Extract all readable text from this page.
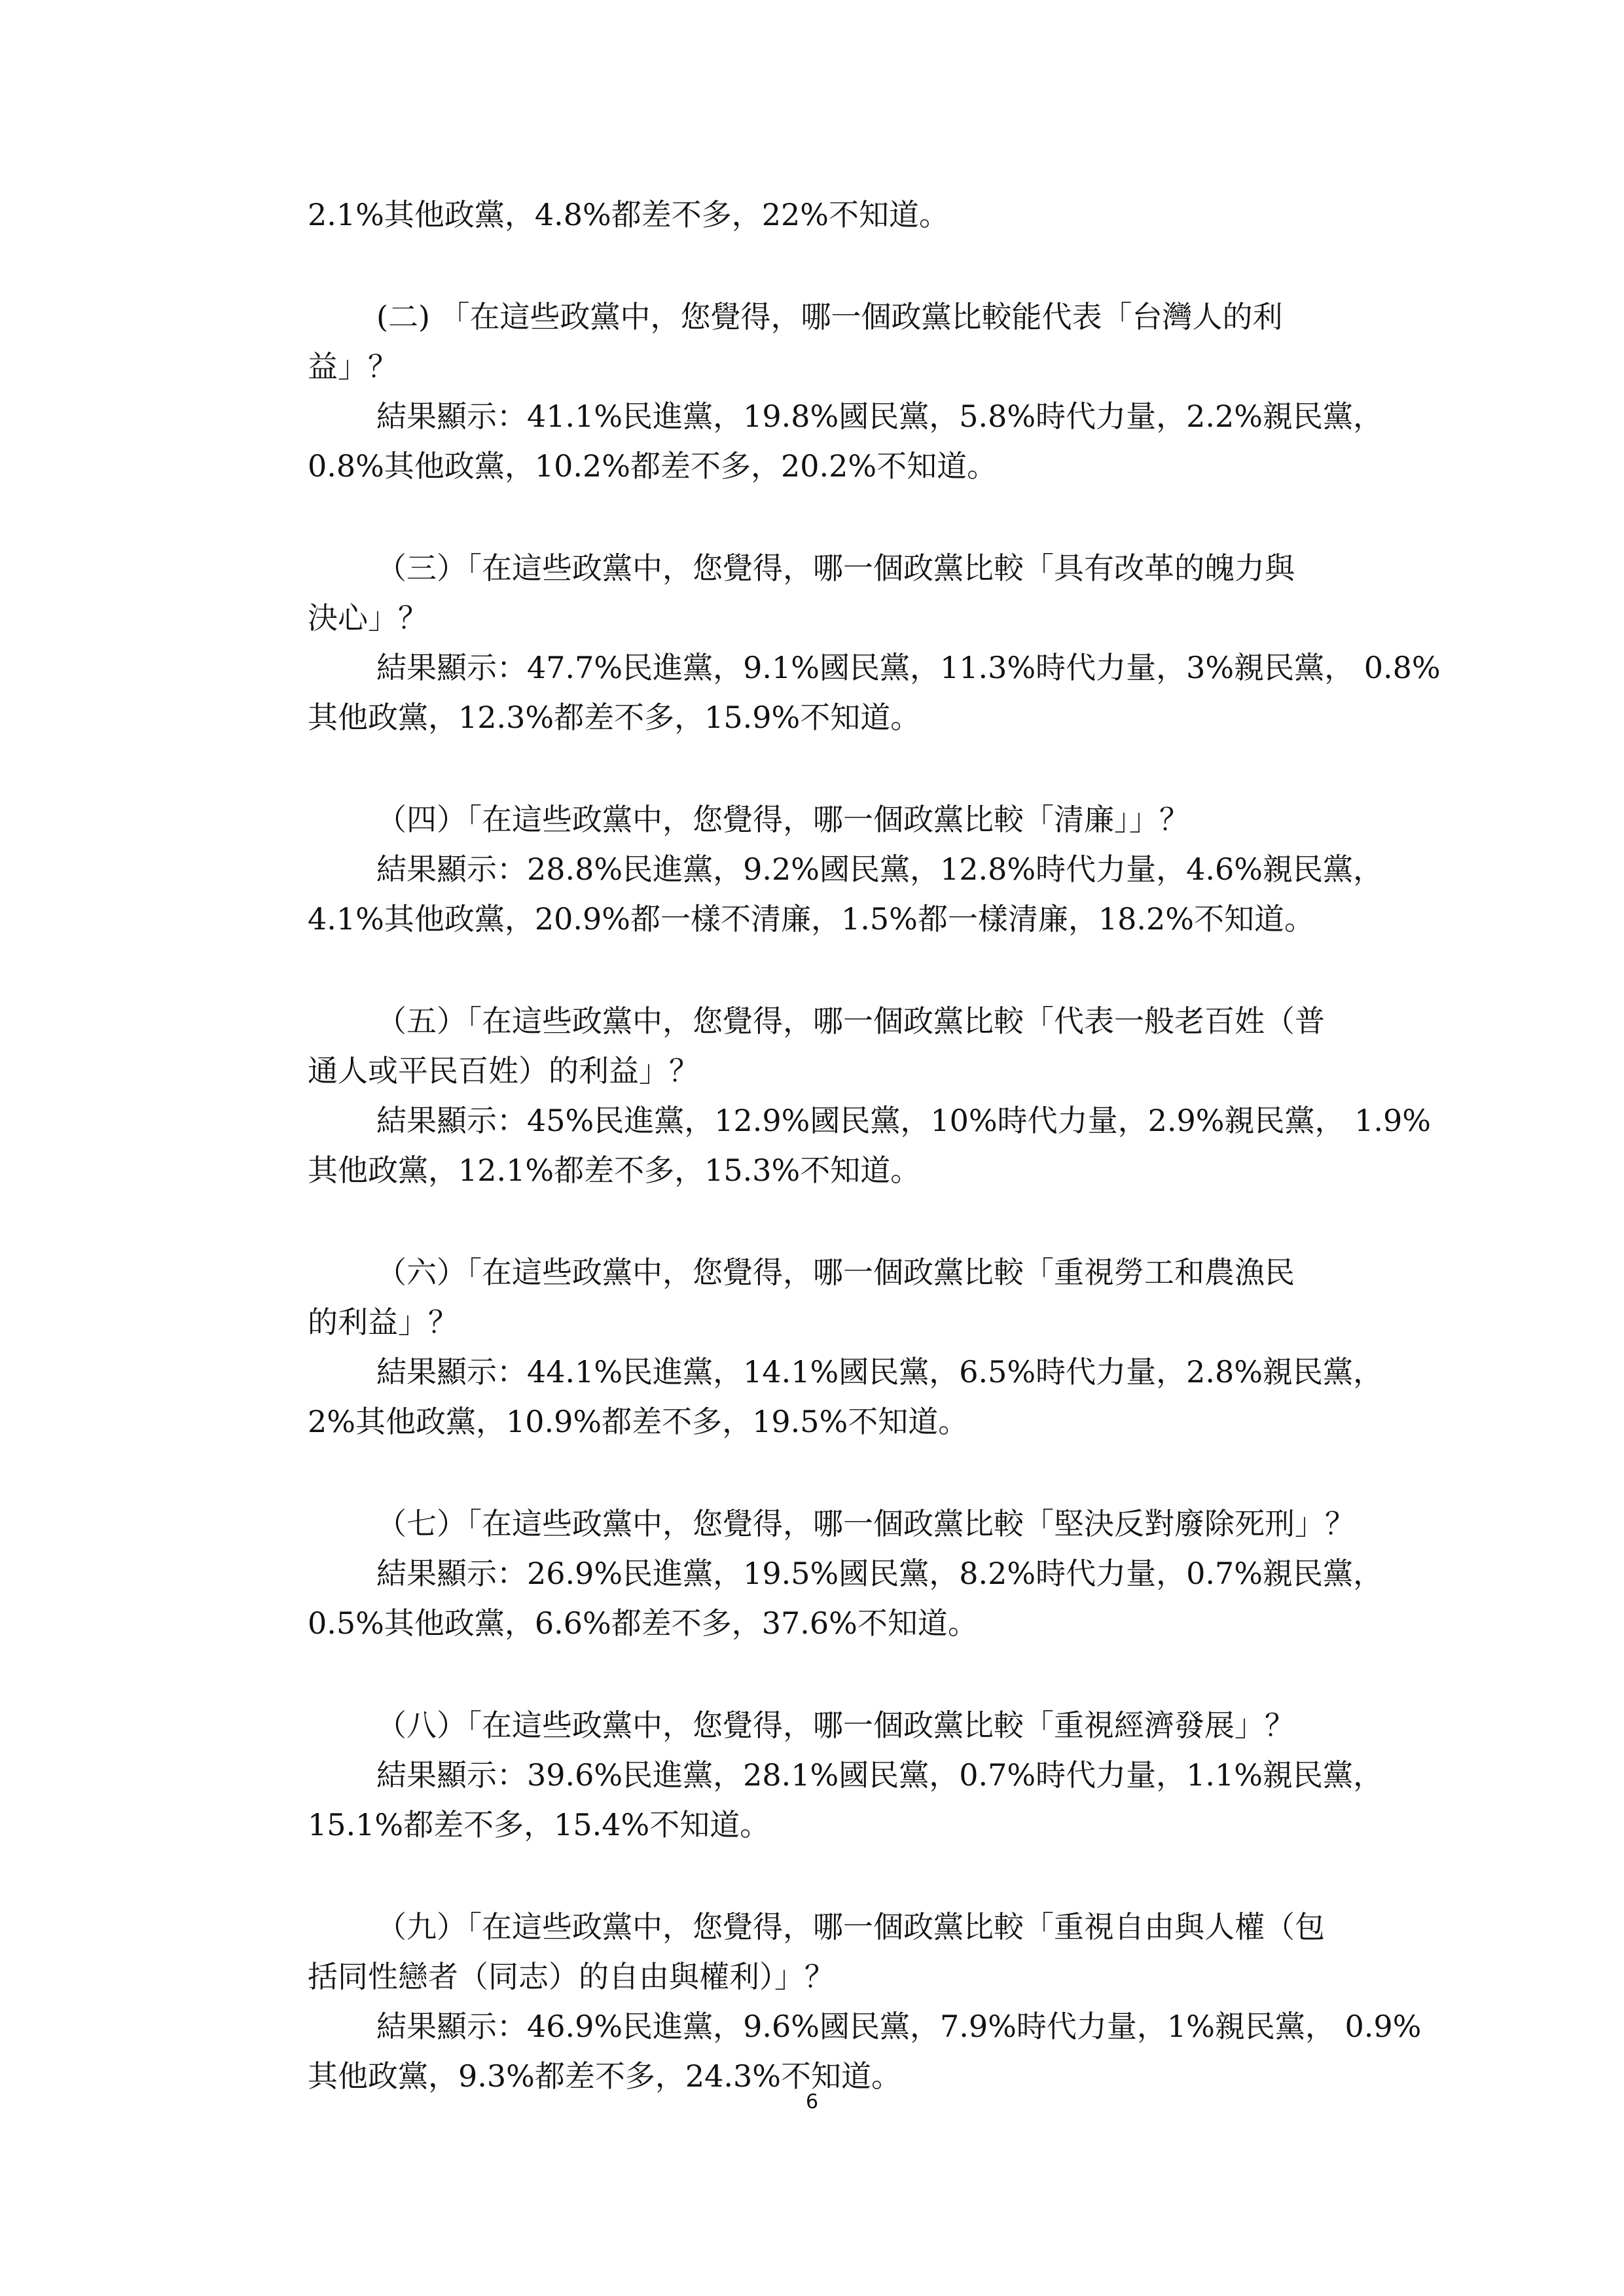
2.1%其他政黨，4.8%都差不多，22%不知道。
(二) 「在這些政黨中，您覺得，哪一個政黨比較能代表「台灣人的利
益」？
結果顯示：41.1%民進黨，19.8%國民黨，5.8%時代力量，2.2%親民黨，
0.8%其他政黨，10.2%都差不多，20.2%不知道。
（三）「在這些政黨中，您覺得，哪一個政黨比較「具有改革的魄力與
決心」？
結果顯示：47.7%民進黨，9.1%國民黨，11.3%時代力量，3%親民黨， 0.8%
其他政黨，12.3%都差不多，15.9%不知道。
（四）「在這些政黨中，您覺得，哪一個政黨比較「清廉」」？
結果顯示：28.8%民進黨，9.2%國民黨，12.8%時代力量，4.6%親民黨，
4.1%其他政黨，20.9%都一樣不清廉，1.5%都一樣清廉，18.2%不知道。
（五）「在這些政黨中，您覺得，哪一個政黨比較「代表一般老百姓（普
通人或平民百姓）的利益」？
結果顯示：45%民進黨，12.9%國民黨，10%時代力量，2.9%親民黨， 1.9%
其他政黨，12.1%都差不多，15.3%不知道。
（六）「在這些政黨中，您覺得，哪一個政黨比較「重視勞工和農漁民
的利益」？
結果顯示：44.1%民進黨，14.1%國民黨，6.5%時代力量，2.8%親民黨，
2%其他政黨，10.9%都差不多，19.5%不知道。
（七）「在這些政黨中，您覺得，哪一個政黨比較「堅決反對廢除死刑」？
結果顯示：26.9%民進黨，19.5%國民黨，8.2%時代力量，0.7%親民黨，
0.5%其他政黨，6.6%都差不多，37.6%不知道。
（八）「在這些政黨中，您覺得，哪一個政黨比較「重視經濟發展」？
結果顯示：39.6%民進黨，28.1%國民黨，0.7%時代力量，1.1%親民黨，
15.1%都差不多，15.4%不知道。
（九）「在這些政黨中，您覺得，哪一個政黨比較「重視自由與人權（包
括同性戀者（同志）的自由與權利）」？
結果顯示：46.9%民進黨，9.6%國民黨，7.9%時代力量，1%親民黨， 0.9%
其他政黨，9.3%都差不多，24.3%不知道。
6
